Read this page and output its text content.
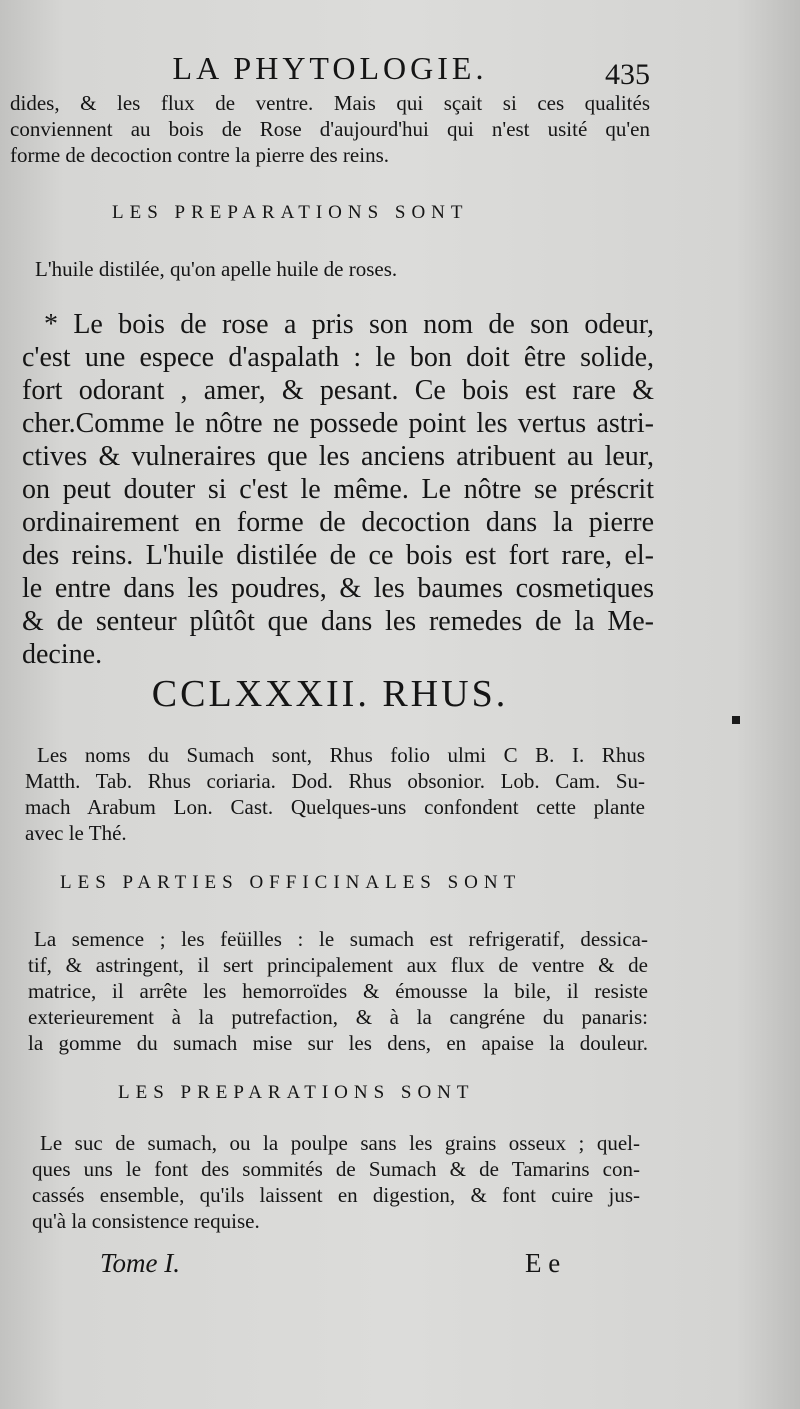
LA PHYTOLOGIE.	435
dides, & les flux de ventre. Mais qui sçait si ces qualités
conviennent au bois de Rose d'aujourd'hui qui n'est usité qu'en
forme de decoction contre la pierre des reins.
LES PREPARATIONS SONT
L'huile distilée, qu'on apelle huile de roses.
* Le bois de rose a pris son nom de son odeur,
c'est une espece d'aspalath : le bon doit être solide,
fort odorant , amer, & pesant. Ce bois est rare &
cher.Comme le nôtre ne possede point les vertus astri-
ctives & vulneraires que les anciens atribuent au leur,
on peut douter si c'est le même. Le nôtre se préscrit
ordinairement en forme de decoction dans la pierre
des reins. L'huile distilée de ce bois est fort rare, el-
le entre dans les poudres, & les baumes cosmetiques
& de senteur plûtôt que dans les remedes de la Me-
decine.
CCLXXXII. RHUS.
Les noms du Sumach sont, Rhus folio ulmi C B. I. Rhus
Matth. Tab. Rhus coriaria. Dod. Rhus obsonior. Lob. Cam. Su-
mach Arabum Lon. Cast. Quelques-uns confondent cette plante
avec le Thé.
LES PARTIES OFFICINALES SONT
La semence ; les feüilles : le sumach est refrigeratif, dessica-
tif, & astringent, il sert principalement aux flux de ventre & de
matrice, il arrête les hemorroïdes & émousse la bile, il resiste
exterieurement à la putrefaction, & à la cangréne du panaris:
la gomme du sumach mise sur les dens, en apaise la douleur.
LES PREPARATIONS SONT
Le suc de sumach, ou la poulpe sans les grains osseux ; quel-
ques uns le font des sommités de Sumach & de Tamarins con-
cassés ensemble, qu'ils laissent en digestion, & font cuire jus-
qu'à la consistence requise.
Tome I.	E e
